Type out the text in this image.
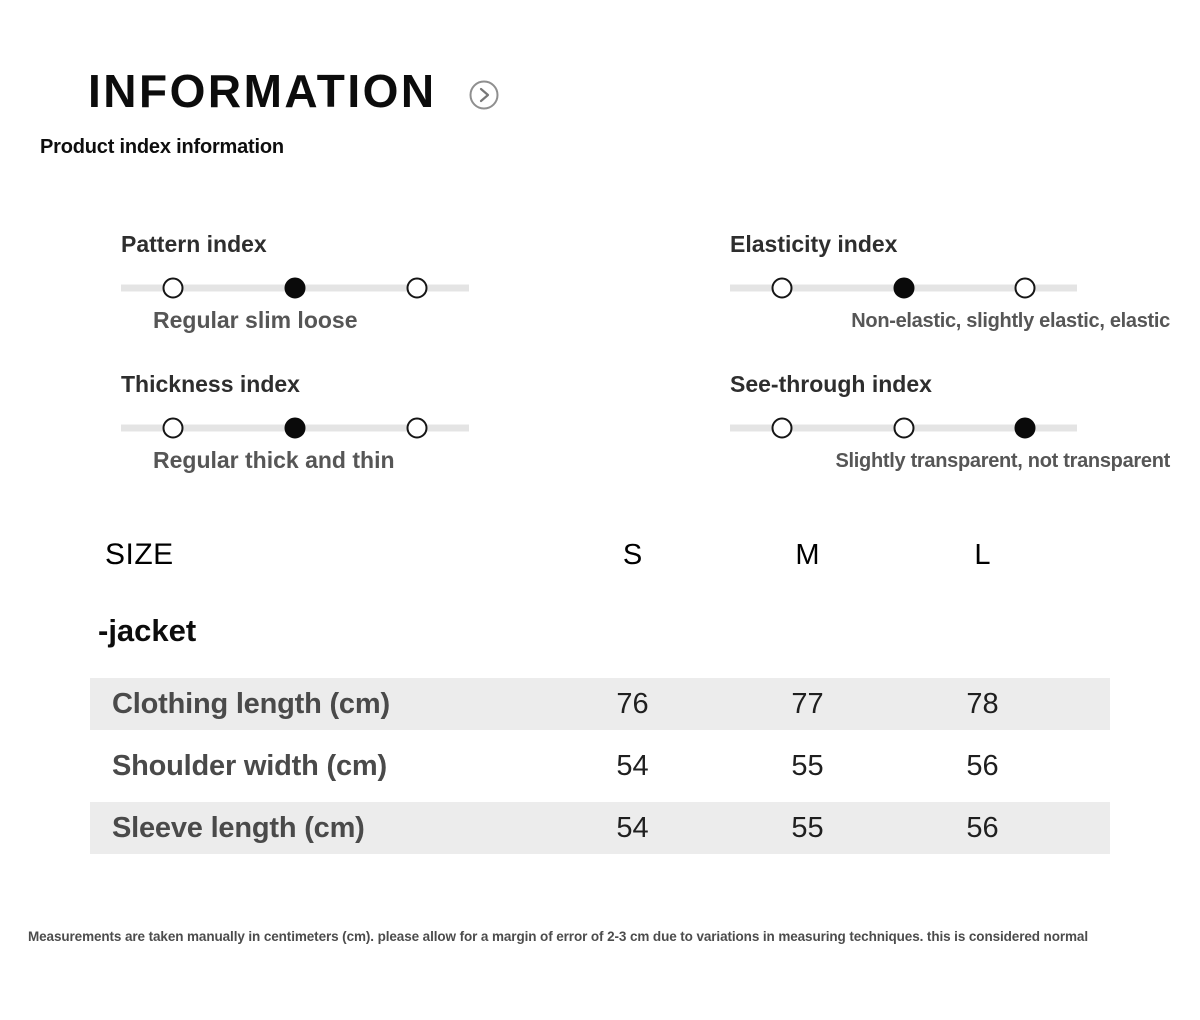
INFORMATION
Product index information
Pattern index
Regular slim loose
Elasticity index
Non-elastic, slightly elastic, elastic
Thickness index
Regular thick and thin
See-through index
Slightly transparent, not transparent
SIZE	S	M	L
-jacket
Clothing length (cm)	76	77	78
Shoulder width (cm)	54	55	56
Sleeve length (cm)	54	55	56
Measurements are taken manually in centimeters (cm). please allow for a margin of error of 2-3 cm due to variations in measuring techniques. this is considered normal
